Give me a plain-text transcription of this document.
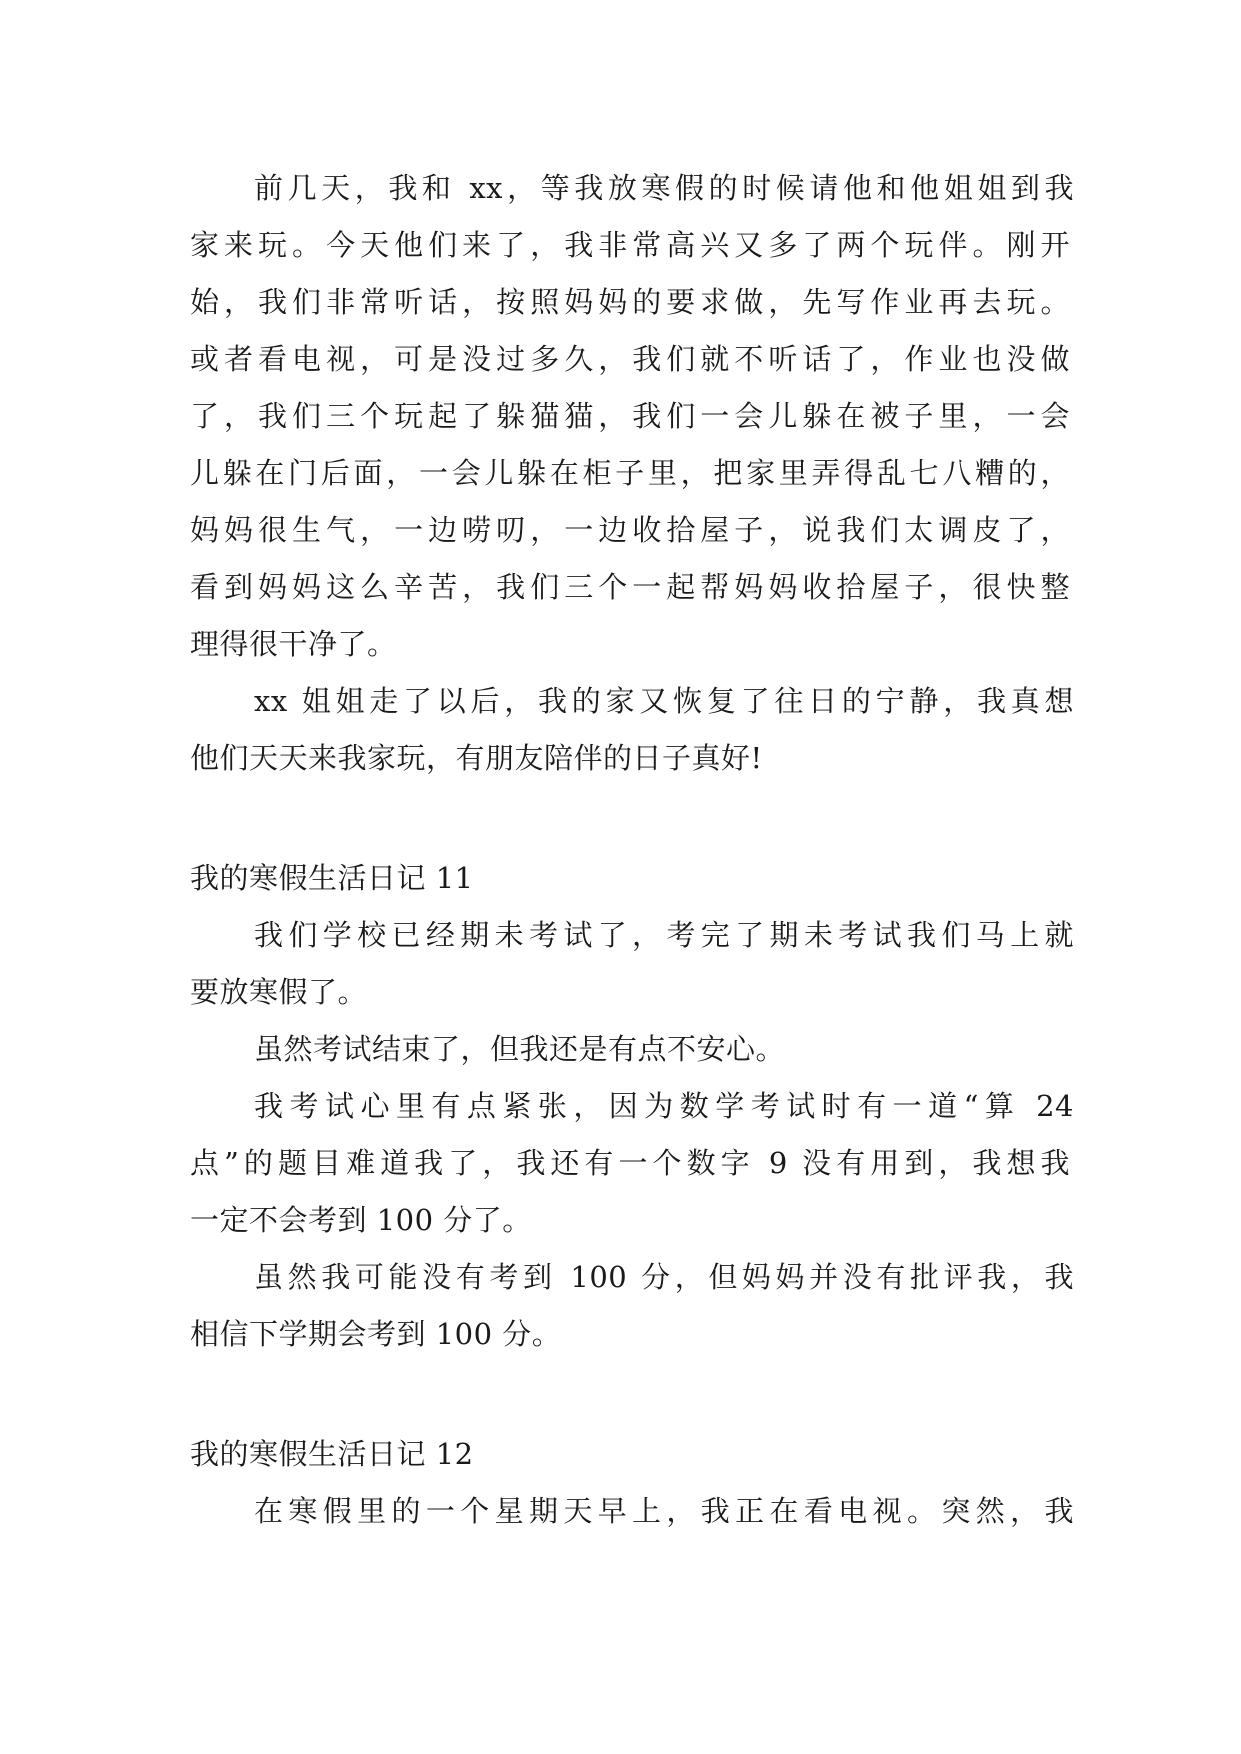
前几天，我和 xx，等我放寒假的时候请他和他姐姐到我
家来玩。今天他们来了，我非常高兴又多了两个玩伴。刚开
始，我们非常听话，按照妈妈的要求做，先写作业再去玩。
或者看电视，可是没过多久，我们就不听话了，作业也没做
了，我们三个玩起了躲猫猫，我们一会儿躲在被子里，一会
儿躲在门后面，一会儿躲在柜子里，把家里弄得乱七八糟的，
妈妈很生气，一边唠叨，一边收拾屋子，说我们太调皮了，
看到妈妈这么辛苦，我们三个一起帮妈妈收拾屋子，很快整
理得很干净了。
xx 姐姐走了以后，我的家又恢复了往日的宁静，我真想
他们天天来我家玩，有朋友陪伴的日子真好!
我的寒假生活日记 11
我们学校已经期未考试了，考完了期未考试我们马上就
要放寒假了。
虽然考试结束了，但我还是有点不安心。
我考试心里有点紧张，因为数学考试时有一道“算 24
点”的题目难道我了，我还有一个数字 9 没有用到，我想我
一定不会考到 100 分了。
虽然我可能没有考到 100 分，但妈妈并没有批评我，我
相信下学期会考到 100 分。
我的寒假生活日记 12
在寒假里的一个星期天早上，我正在看电视。突然，我
